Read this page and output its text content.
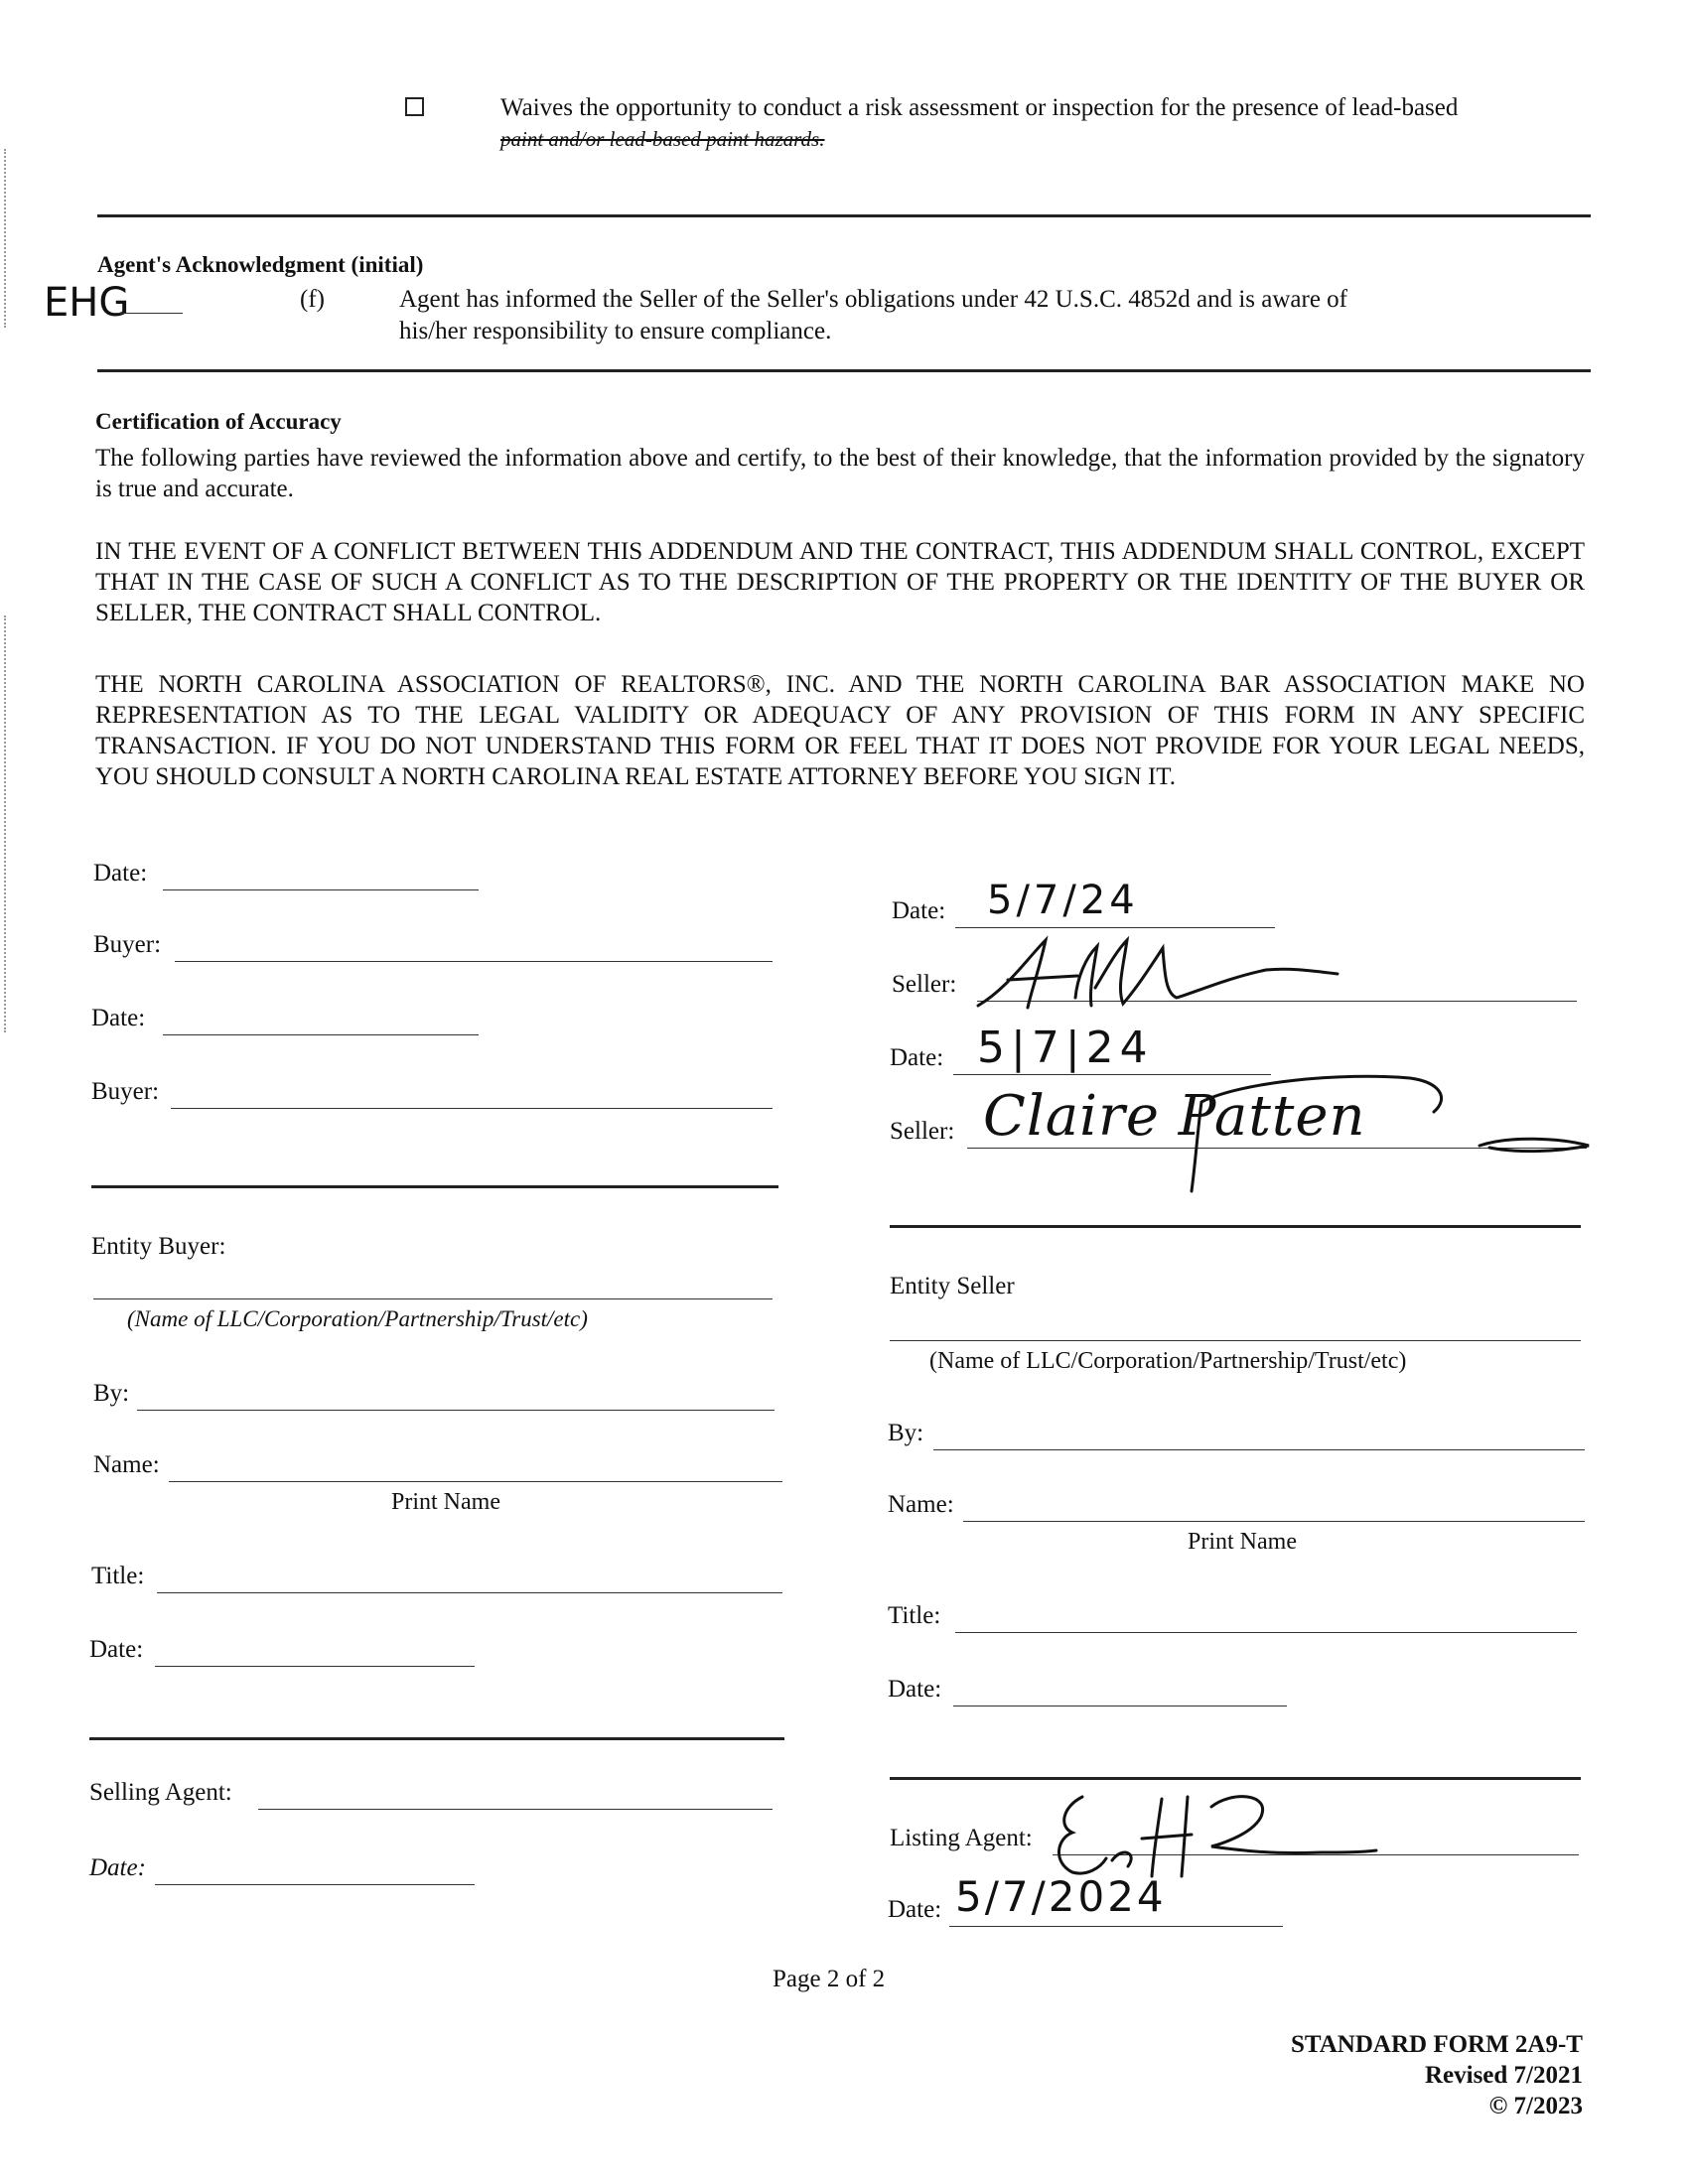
Waives the opportunity to conduct a risk assessment or inspection for the presence of lead-based
paint and/or lead-based paint hazards.
Agent's Acknowledgment (initial)
EHG	(f)	Agent has informed the Seller of the Seller's obligations under 42 U.S.C. 4852d and is aware of
his/her responsibility to ensure compliance.
Certification of Accuracy
The following parties have reviewed the information above and certify, to the best of their knowledge, that the information provided by the signatory is true and accurate.
IN THE EVENT OF A CONFLICT BETWEEN THIS ADDENDUM AND THE CONTRACT, THIS ADDENDUM SHALL CONTROL, EXCEPT THAT IN THE CASE OF SUCH A CONFLICT AS TO THE DESCRIPTION OF THE PROPERTY OR THE IDENTITY OF THE BUYER OR SELLER, THE CONTRACT SHALL CONTROL.
THE NORTH CAROLINA ASSOCIATION OF REALTORS®, INC. AND THE NORTH CAROLINA BAR ASSOCIATION MAKE NO REPRESENTATION AS TO THE LEGAL VALIDITY OR ADEQUACY OF ANY PROVISION OF THIS FORM IN ANY SPECIFIC TRANSACTION. IF YOU DO NOT UNDERSTAND THIS FORM OR FEEL THAT IT DOES NOT PROVIDE FOR YOUR LEGAL NEEDS, YOU SHOULD CONSULT A NORTH CAROLINA REAL ESTATE ATTORNEY BEFORE YOU SIGN IT.
Date:
Buyer:
Date:
Buyer:
Entity Buyer:
(Name of LLC/Corporation/Partnership/Trust/etc)
By:
Name:
Print Name
Title:
Date:
Selling Agent:
Date:
Date: 5/7/24
Seller:
Date: 5|7|24
Seller: Claire Patten
Entity Seller
(Name of LLC/Corporation/Partnership/Trust/etc)
By:
Name:
Print Name
Title:
Date:
Listing Agent:
Date: 5/7/2024
Page 2 of 2
STANDARD FORM 2A9-T
Revised 7/2021
© 7/2023
